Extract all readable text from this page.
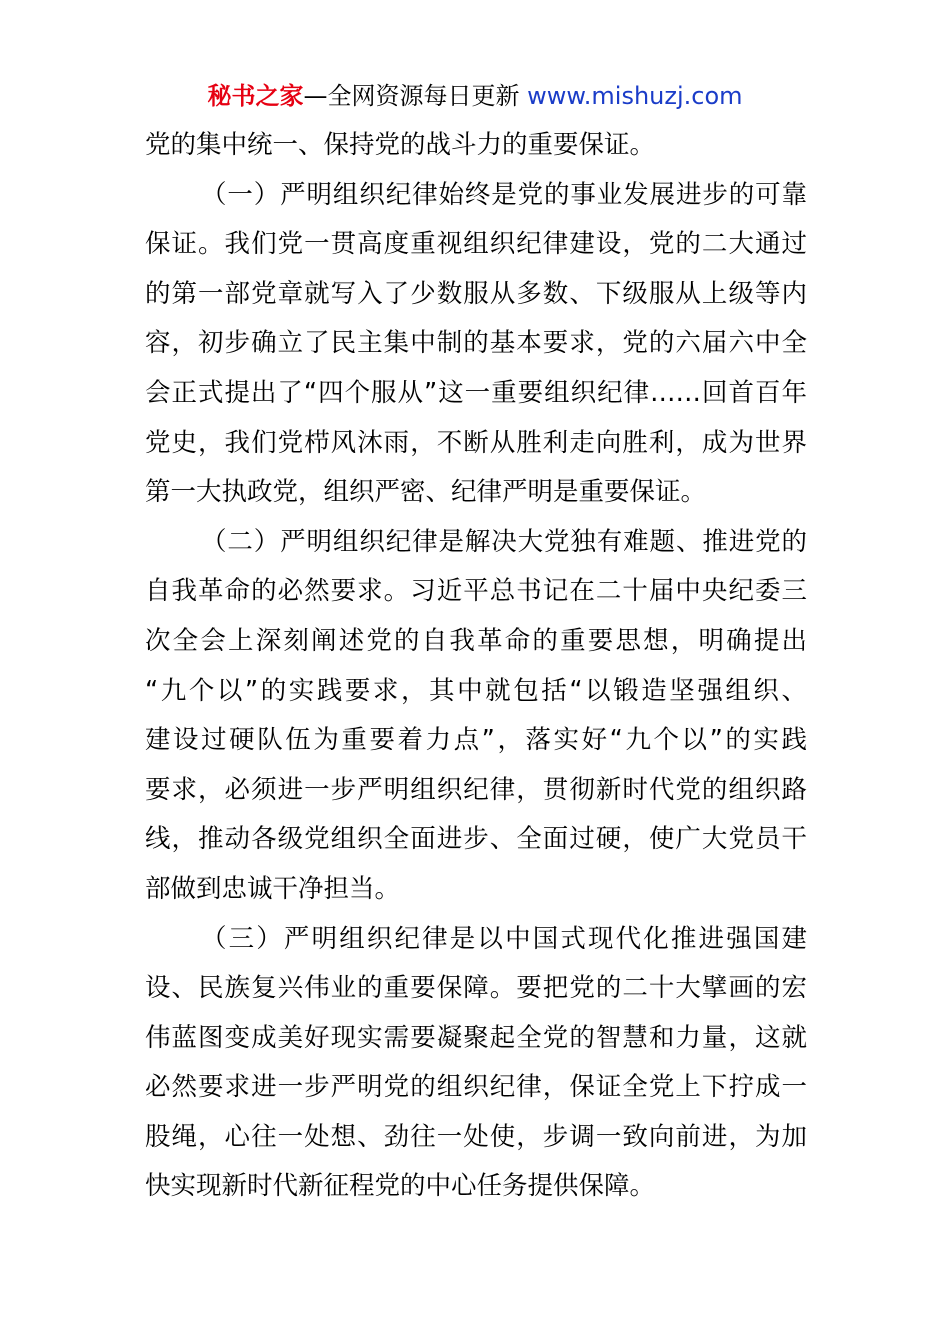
秘书之家—全网资源每日更新 www.mishuzj.com
党的集中统一、保持党的战斗力的重要保证。
（一）严明组织纪律始终是党的事业发展进步的可靠
保证。我们党一贯高度重视组织纪律建设，党的二大通过
的第一部党章就写入了少数服从多数、下级服从上级等内
容，初步确立了民主集中制的基本要求，党的六届六中全
会正式提出了“四个服从”这一重要组织纪律……回首百年
党史，我们党栉风沐雨，不断从胜利走向胜利，成为世界
第一大执政党，组织严密、纪律严明是重要保证。
（二）严明组织纪律是解决大党独有难题、推进党的
自我革命的必然要求。习近平总书记在二十届中央纪委三
次全会上深刻阐述党的自我革命的重要思想，明确提出
“九个以”的实践要求，其中就包括“以锻造坚强组织、
建设过硬队伍为重要着力点”，落实好“九个以”的实践
要求，必须进一步严明组织纪律，贯彻新时代党的组织路
线，推动各级党组织全面进步、全面过硬，使广大党员干
部做到忠诚干净担当。
（三）严明组织纪律是以中国式现代化推进强国建
设、民族复兴伟业的重要保障。要把党的二十大擘画的宏
伟蓝图变成美好现实需要凝聚起全党的智慧和力量，这就
必然要求进一步严明党的组织纪律，保证全党上下拧成一
股绳，心往一处想、劲往一处使，步调一致向前进，为加
快实现新时代新征程党的中心任务提供保障。
